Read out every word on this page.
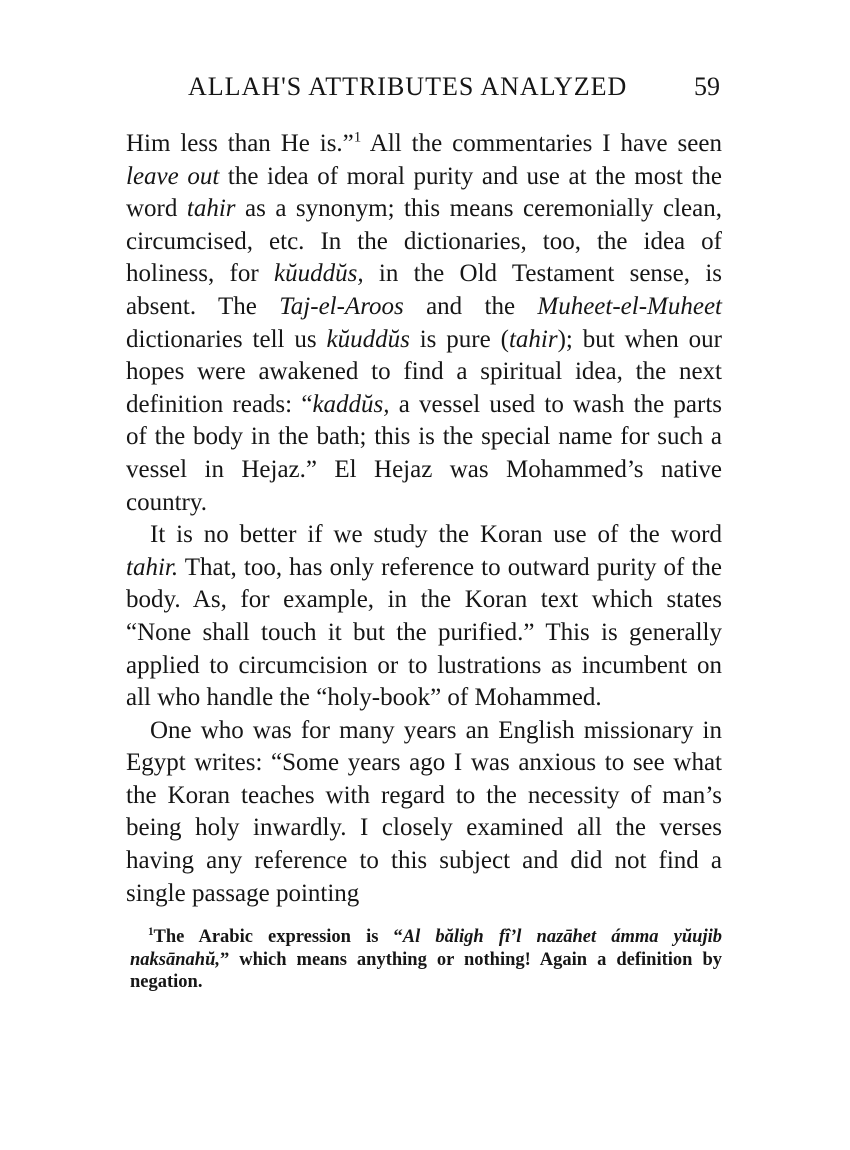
ALLAH'S ATTRIBUTES ANALYZED	59

Him less than He is.”$^1$ All the commentaries I have seen leave out the idea of moral purity and use at the most the word tahir as a synonym; this means ceremonially clean, circumcised, etc. In the dictionaries, too, the idea of holiness, for kŭuddŭs, in the Old Testament sense, is absent. The Taj-el-Aroos and the Muheet-el-Muheet dictionaries tell us kŭuddŭs is pure (tahir); but when our hopes were awakened to find a spiritual idea, the next definition reads: “kaddŭs, a vessel used to wash the parts of the body in the bath; this is the special name for such a vessel in Hejaz.” El Hejaz was Mohammed’s native country.

It is no better if we study the Koran use of the word tahir. That, too, has only reference to outward purity of the body. As, for example, in the Koran text which states “None shall touch it but the purified.” This is generally applied to circumcision or to lustrations as incumbent on all who handle the “holy-book” of Mohammed.

One who was for many years an English missionary in Egypt writes: “Some years ago I was anxious to see what the Koran teaches with regard to the necessity of man’s being holy inwardly. I closely examined all the verses having any reference to this subject and did not find a single passage pointing

$^1$The Arabic expression is “Al băligh fî’l nazāhet ámma yŭujib naksānahŭ,” which means anything or nothing! Again a definition by negation.
